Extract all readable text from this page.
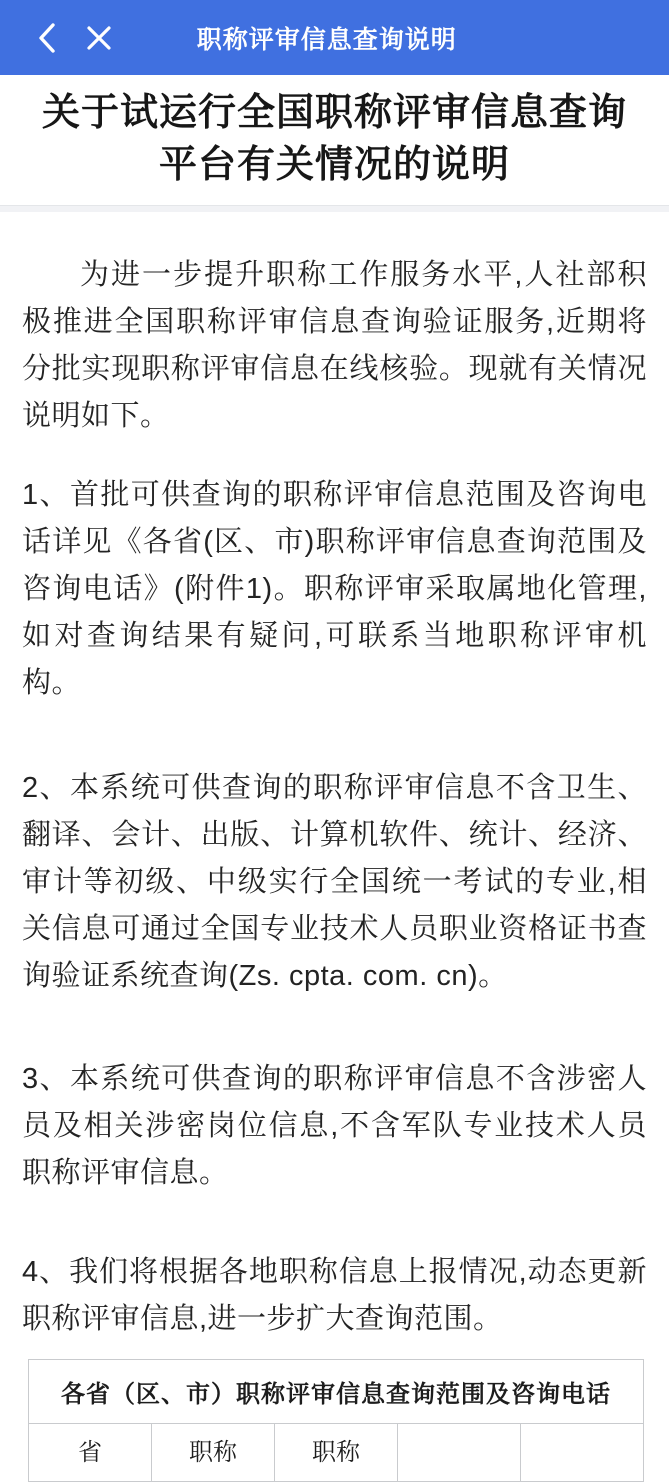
职称评审信息查询说明
关于试运行全国职称评审信息查询
平台有关情况的说明

为进一步提升职称工作服务水平,人社部积极推进全国职称评审信息查询验证服务,近期将分批实现职称评审信息在线核验。现就有关情况说明如下。

1、首批可供查询的职称评审信息范围及咨询电话详见《各省(区、市)职称评审信息查询范围及咨询电话》(附件1)。职称评审采取属地化管理,如对查询结果有疑问,可联系当地职称评审机构。

2、本系统可供查询的职称评审信息不含卫生、翻译、会计、出版、计算机软件、统计、经济、审计等初级、中级实行全国统一考试的专业,相关信息可通过全国专业技术人员职业资格证书查询验证系统查询(Zs. cpta. com. cn)。

3、本系统可供查询的职称评审信息不含涉密人员及相关涉密岗位信息,不含军队专业技术人员职称评审信息。

4、我们将根据各地职称信息上报情况,动态更新职称评审信息,进一步扩大查询范围。

各省（区、市）职称评审信息查询范围及咨询电话
省	职称	职称		
